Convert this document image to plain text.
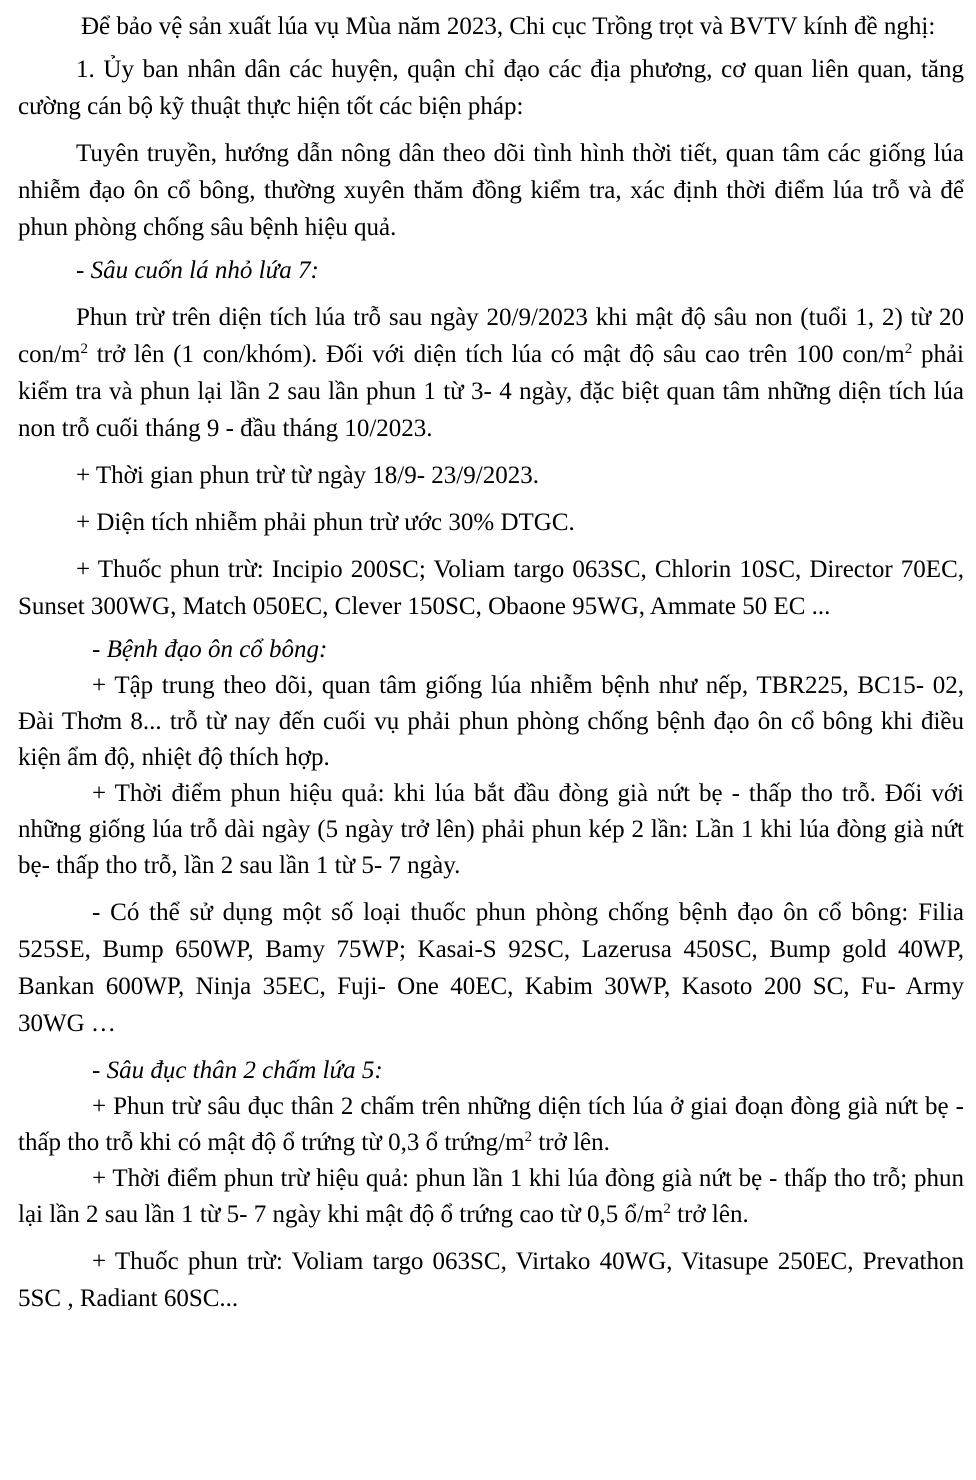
Để bảo vệ sản xuất lúa vụ Mùa năm 2023, Chi cục Trồng trọt và BVTV kính đề nghị:

1. Ủy ban nhân dân các huyện, quận chỉ đạo các địa phương, cơ quan liên quan, tăng cường cán bộ kỹ thuật thực hiện tốt các biện pháp:

Tuyên truyền, hướng dẫn nông dân theo dõi tình hình thời tiết, quan tâm các giống lúa nhiễm đạo ôn cổ bông, thường xuyên thăm đồng kiểm tra, xác định thời điểm lúa trỗ và để phun phòng chống sâu bệnh hiệu quả.

- Sâu cuốn lá nhỏ lứa 7:

Phun trừ trên diện tích lúa trỗ sau ngày 20/9/2023 khi mật độ sâu non (tuổi 1, 2) từ 20 con/$m^2$ trở lên (1 con/khóm). Đối với diện tích lúa có mật độ sâu cao trên 100 con/$m^2$ phải kiểm tra và phun lại lần 2 sau lần phun 1 từ 3- 4 ngày, đặc biệt quan tâm những diện tích lúa non trỗ cuối tháng 9 - đầu tháng 10/2023.

+ Thời gian phun trừ từ ngày 18/9- 23/9/2023.

+ Diện tích nhiễm phải phun trừ ước 30% DTGC.

+ Thuốc phun trừ: Incipio 200SC; Voliam targo 063SC, Chlorin 10SC, Director 70EC, Sunset 300WG, Match 050EC, Clever 150SC, Obaone 95WG, Ammate 50 EC ...

- Bệnh đạo ôn cổ bông:

+ Tập trung theo dõi, quan tâm giống lúa nhiễm bệnh như nếp, TBR225, BC15- 02, Đài Thơm 8... trỗ từ nay đến cuối vụ phải phun phòng chống bệnh đạo ôn cổ bông khi điều kiện ẩm độ, nhiệt độ thích hợp.

+ Thời điểm phun hiệu quả: khi lúa bắt đầu đòng già nứt bẹ - thấp tho trỗ. Đối với những giống lúa trỗ dài ngày (5 ngày trở lên) phải phun kép 2 lần: Lần 1 khi lúa đòng già nứt bẹ- thấp tho trỗ, lần 2 sau lần 1 từ 5- 7 ngày.

- Có thể sử dụng một số loại thuốc phun phòng chống bệnh đạo ôn cổ bông: Filia 525SE, Bump 650WP, Bamy 75WP; Kasai-S 92SC, Lazerusa 450SC, Bump gold 40WP, Bankan 600WP, Ninja 35EC, Fuji- One 40EC, Kabim 30WP, Kasoto 200 SC, Fu- Army 30WG …

- Sâu đục thân 2 chấm lứa 5:

+ Phun trừ sâu đục thân 2 chấm trên những diện tích lúa ở giai đoạn đòng già nứt bẹ - thấp tho trỗ khi có mật độ ổ trứng từ 0,3 ổ trứng/$m^2$ trở lên.

+ Thời điểm phun trừ hiệu quả: phun lần 1 khi lúa đòng già nứt bẹ - thấp tho trỗ; phun lại lần 2 sau lần 1 từ 5- 7 ngày khi mật độ ổ trứng cao từ 0,5 $ổ/m^2$ trở lên.

+ Thuốc phun trừ: Voliam targo 063SC, Virtako 40WG, Vitasupe 250EC, Prevathon 5SC , Radiant 60SC...
